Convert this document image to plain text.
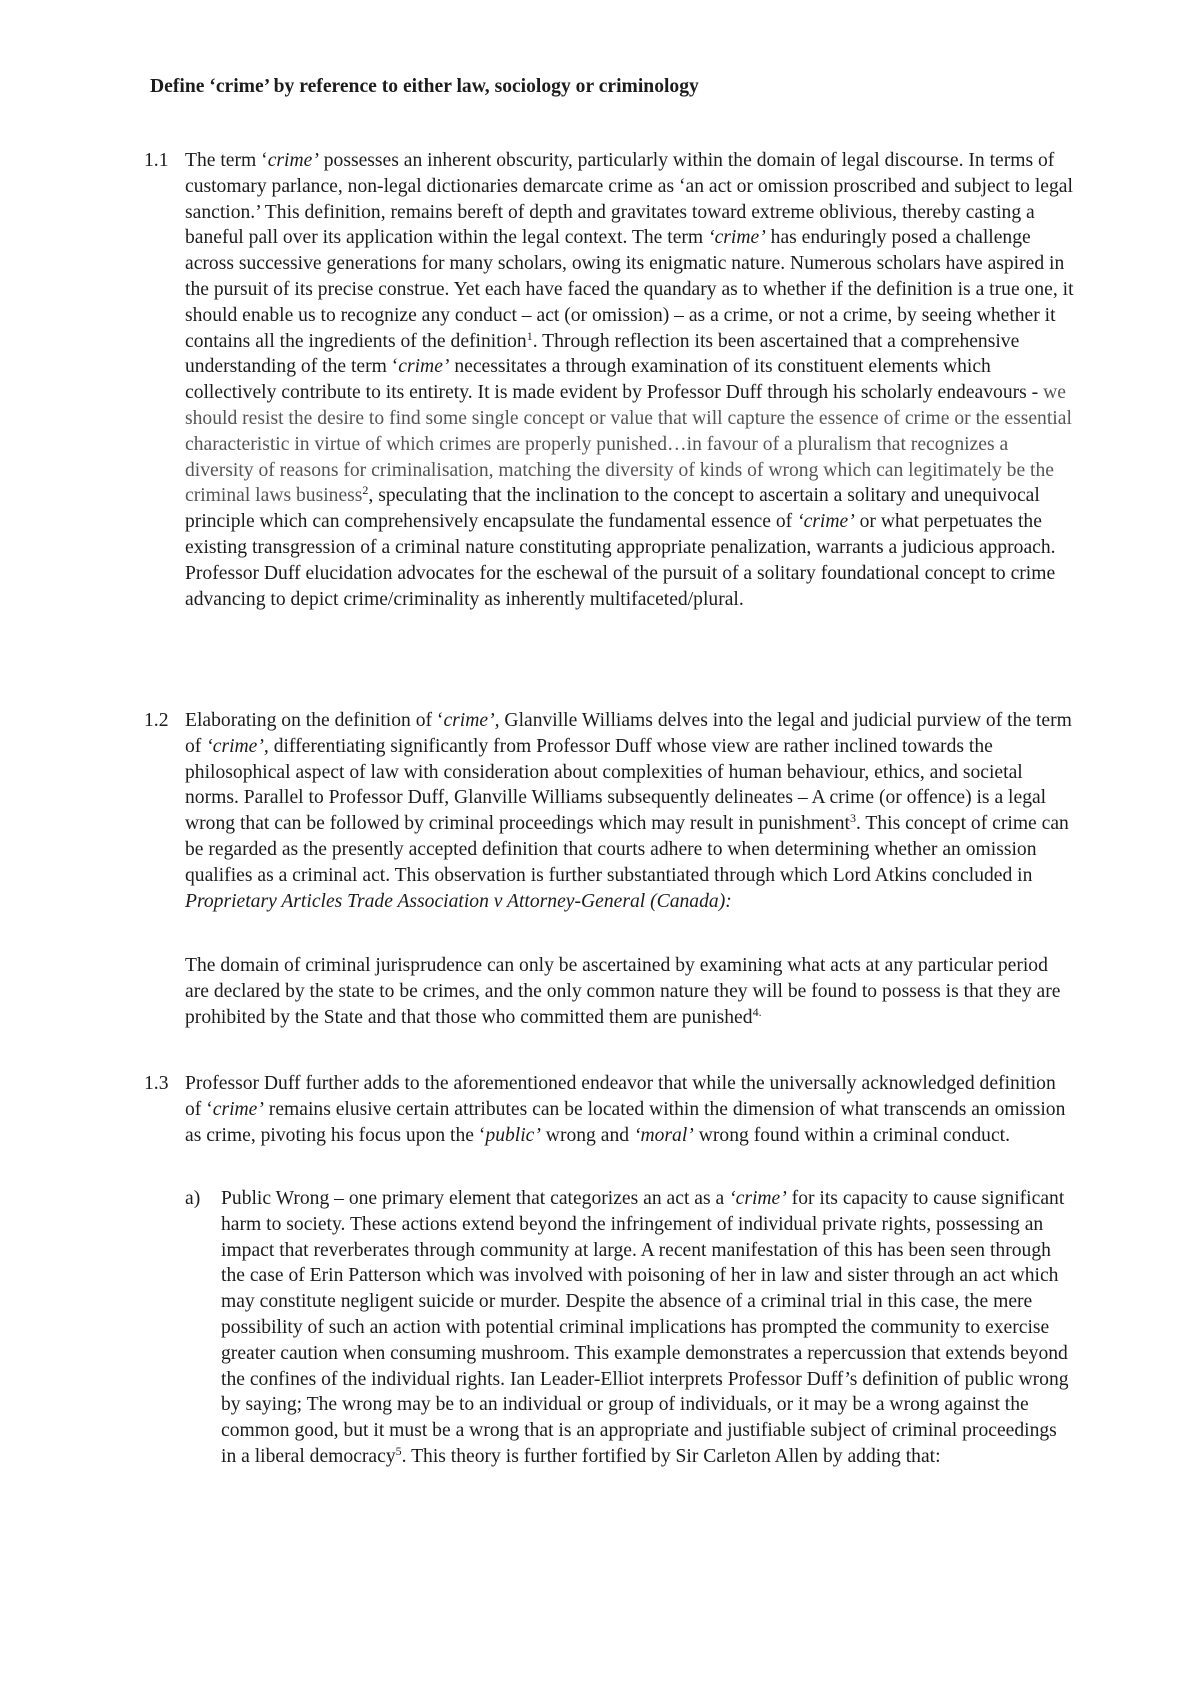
Define ‘crime’ by reference to either law, sociology or criminology
1.1 The term ‘crime’ possesses an inherent obscurity, particularly within the domain of legal discourse. In terms of customary parlance, non-legal dictionaries demarcate crime as ‘an act or omission proscribed and subject to legal sanction.’ This definition, remains bereft of depth and gravitates toward extreme oblivious, thereby casting a baneful pall over its application within the legal context. The term ‘crime’ has enduringly posed a challenge across successive generations for many scholars, owing its enigmatic nature. Numerous scholars have aspired in the pursuit of its precise construe. Yet each have faced the quandary as to whether if the definition is a true one, it should enable us to recognize any conduct – act (or omission) – as a crime, or not a crime, by seeing whether it contains all the ingredients of the definition$^1$. Through reflection its been ascertained that a comprehensive understanding of the term ‘crime’ necessitates a through examination of its constituent elements which collectively contribute to its entirety. It is made evident by Professor Duff through his scholarly endeavours - we should resist the desire to find some single concept or value that will capture the essence of crime or the essential characteristic in virtue of which crimes are properly punished…in favour of a pluralism that recognizes a diversity of reasons for criminalisation, matching the diversity of kinds of wrong which can legitimately be the criminal laws business$^2$, speculating that the inclination to the concept to ascertain a solitary and unequivocal principle which can comprehensively encapsulate the fundamental essence of ‘crime’ or what perpetuates the existing transgression of a criminal nature constituting appropriate penalization, warrants a judicious approach. Professor Duff elucidation advocates for the eschewal of the pursuit of a solitary foundational concept to crime advancing to depict crime/criminality as inherently multifaceted/plural.
1.2 Elaborating on the definition of ‘crime’, Glanville Williams delves into the legal and judicial purview of the term of ‘crime’, differentiating significantly from Professor Duff whose view are rather inclined towards the philosophical aspect of law with consideration about complexities of human behaviour, ethics, and societal norms. Parallel to Professor Duff, Glanville Williams subsequently delineates – A crime (or offence) is a legal wrong that can be followed by criminal proceedings which may result in punishment$^3$. This concept of crime can be regarded as the presently accepted definition that courts adhere to when determining whether an omission qualifies as a criminal act. This observation is further substantiated through which Lord Atkins concluded in Proprietary Articles Trade Association v Attorney-General (Canada):
The domain of criminal jurisprudence can only be ascertained by examining what acts at any particular period are declared by the state to be crimes, and the only common nature they will be found to possess is that they are prohibited by the State and that those who committed them are punished$^{4.}$
1.3 Professor Duff further adds to the aforementioned endeavor that while the universally acknowledged definition of ‘crime’ remains elusive certain attributes can be located within the dimension of what transcends an omission as crime, pivoting his focus upon the ‘public’ wrong and ‘moral’ wrong found within a criminal conduct.
a)	Public Wrong – one primary element that categorizes an act as a ‘crime’ for its capacity to cause significant harm to society. These actions extend beyond the infringement of individual private rights, possessing an impact that reverberates through community at large. A recent manifestation of this has been seen through the case of Erin Patterson which was involved with poisoning of her in law and sister through an act which may constitute negligent suicide or murder. Despite the absence of a criminal trial in this case, the mere possibility of such an action with potential criminal implications has prompted the community to exercise greater caution when consuming mushroom. This example demonstrates a repercussion that extends beyond the confines of the individual rights. Ian Leader-Elliot interprets Professor Duff’s definition of public wrong by saying; The wrong may be to an individual or group of individuals, or it may be a wrong against the common good, but it must be a wrong that is an appropriate and justifiable subject of criminal proceedings in a liberal democracy$^5$. This theory is further fortified by Sir Carleton Allen by adding that:
